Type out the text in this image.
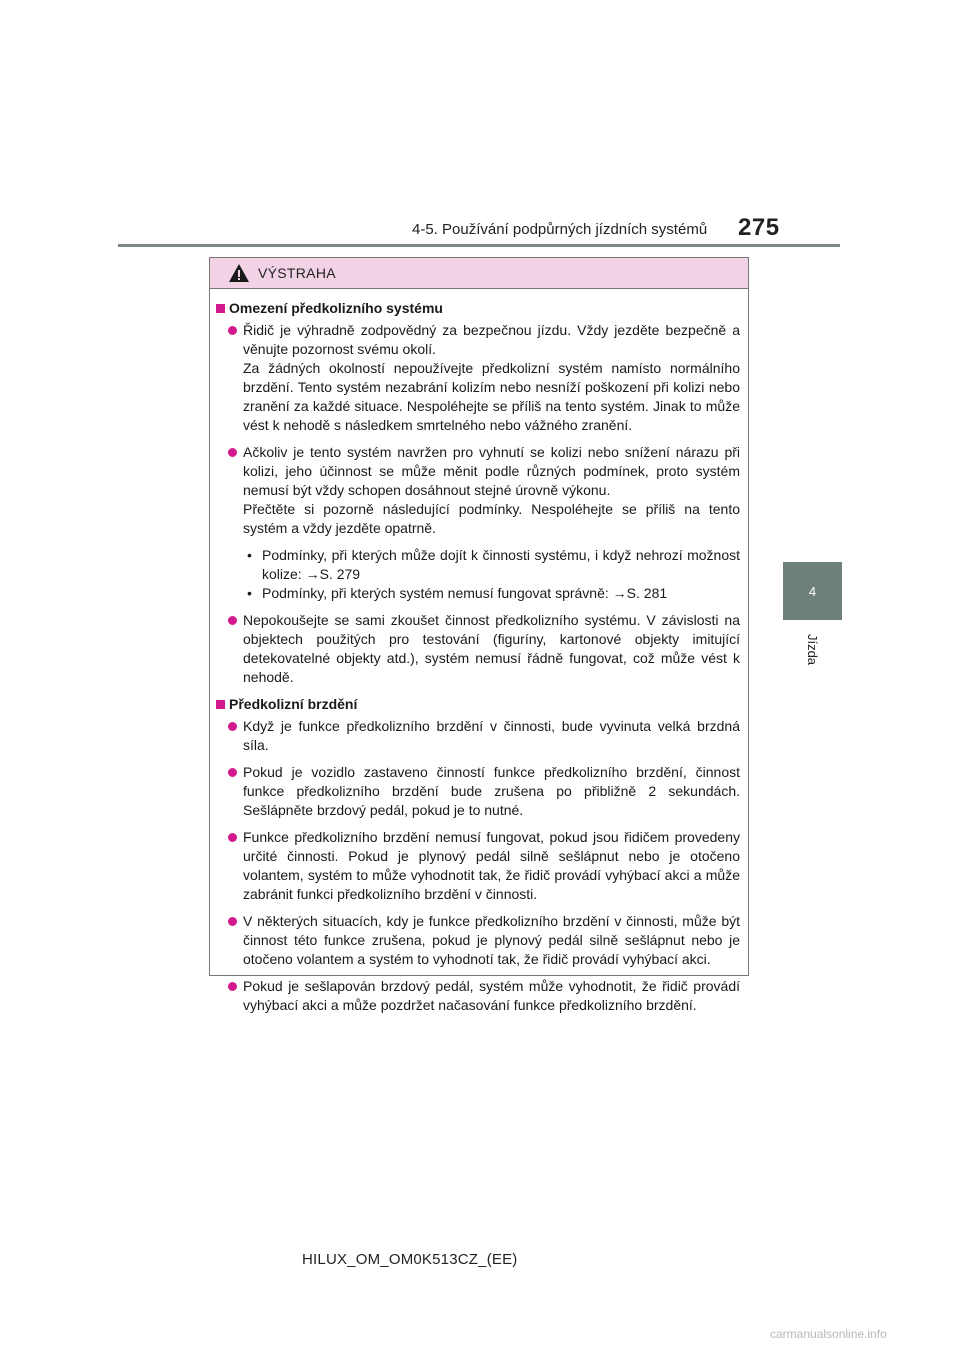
4-5. Používání podpůrných jízdních systémů 275
4
Jízda
VÝSTRAHA
Omezení předkolizního systému

Řidič je výhradně zodpovědný za bezpečnou jízdu. Vždy jezděte bezpečně a věnujte pozornost svému okolí.

Za žádných okolností nepoužívejte předkolizní systém namísto normálního brzdění. Tento systém nezabrání kolizím nebo nesníží poškození při kolizi nebo zranění za každé situace. Nespoléhejte se příliš na tento systém. Jinak to může vést k nehodě s následkem smrtelného nebo vážného zranění.

Ačkoliv je tento systém navržen pro vyhnutí se kolizi nebo snížení nárazu při kolizi, jeho účinnost se může měnit podle různých podmínek, proto systém nemusí být vždy schopen dosáhnout stejné úrovně výkonu.

Přečtěte si pozorně následující podmínky. Nespoléhejte se příliš na tento systém a vždy jezděte opatrně.

• Podmínky, při kterých může dojít k činnosti systému, i když nehrozí možnost kolize: →S. 279
• Podmínky, při kterých systém nemusí fungovat správně: →S. 281

Nepokoušejte se sami zkoušet činnost předkolizního systému. V závislosti na objektech použitých pro testování (figuríny, kartonové objekty imitující detekovatelné objekty atd.), systém nemusí řádně fungovat, což může vést k nehodě.

Předkolizní brzdění

Když je funkce předkolizního brzdění v činnosti, bude vyvinuta velká brzdná síla.

Pokud je vozidlo zastaveno činností funkce předkolizního brzdění, činnost funkce předkolizního brzdění bude zrušena po přibližně 2 sekundách. Sešlápněte brzdový pedál, pokud je to nutné.

Funkce předkolizního brzdění nemusí fungovat, pokud jsou řidičem provedeny určité činnosti. Pokud je plynový pedál silně sešlápnut nebo je otočeno volantem, systém to může vyhodnotit tak, že řidič provádí vyhýbací akci a může zabránit funkci předkolizního brzdění v činnosti.

V některých situacích, kdy je funkce předkolizního brzdění v činnosti, může být činnost této funkce zrušena, pokud je plynový pedál silně sešlápnut nebo je otočeno volantem a systém to vyhodnotí tak, že řidič provádí vyhýbací akci.

Pokud je sešlapován brzdový pedál, systém může vyhodnotit, že řidič provádí vyhýbací akci a může pozdržet načasování funkce předkolizního brzdění.

HILUX_OM_OM0K513CZ_(EE)
carmanualsonline.info
